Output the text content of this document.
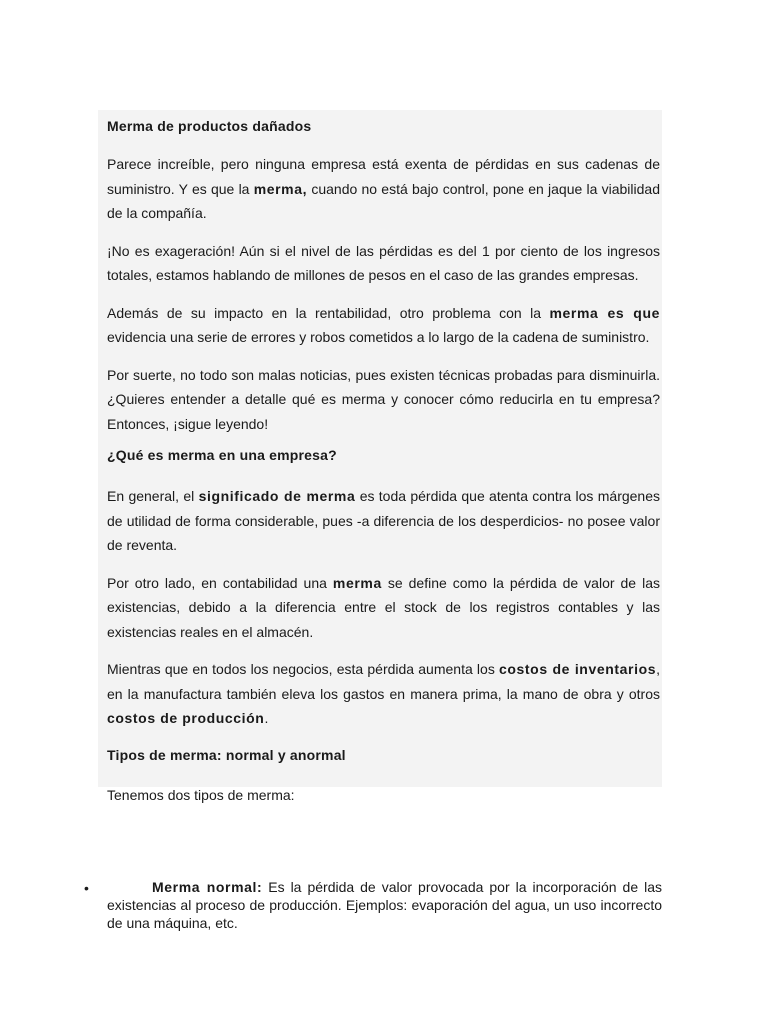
Merma de productos dañados

Parece increíble, pero ninguna empresa está exenta de pérdidas en sus cadenas de suministro. Y es que la merma, cuando no está bajo control, pone en jaque la viabilidad de la compañía.

¡No es exageración! Aún si el nivel de las pérdidas es del 1 por ciento de los ingresos totales, estamos hablando de millones de pesos en el caso de las grandes empresas.

Además de su impacto en la rentabilidad, otro problema con la merma es que evidencia una serie de errores y robos cometidos a lo largo de la cadena de suministro.

Por suerte, no todo son malas noticias, pues existen técnicas probadas para disminuirla. ¿Quieres entender a detalle qué es merma y conocer cómo reducirla en tu empresa? Entonces, ¡sigue leyendo!

¿Qué es merma en una empresa?

En general, el significado de merma es toda pérdida que atenta contra los márgenes de utilidad de forma considerable, pues -a diferencia de los desperdicios- no posee valor de reventa.

Por otro lado, en contabilidad una merma se define como la pérdida de valor de las existencias, debido a la diferencia entre el stock de los registros contables y las existencias reales en el almacén.

Mientras que en todos los negocios, esta pérdida aumenta los costos de inventarios, en la manufactura también eleva los gastos en manera prima, la mano de obra y otros costos de producción.

Tipos de merma: normal y anormal

Tenemos dos tipos de merma:

•	Merma normal: Es la pérdida de valor provocada por la incorporación de las existencias al proceso de producción. Ejemplos: evaporación del agua, un uso incorrecto de una máquina, etc.
